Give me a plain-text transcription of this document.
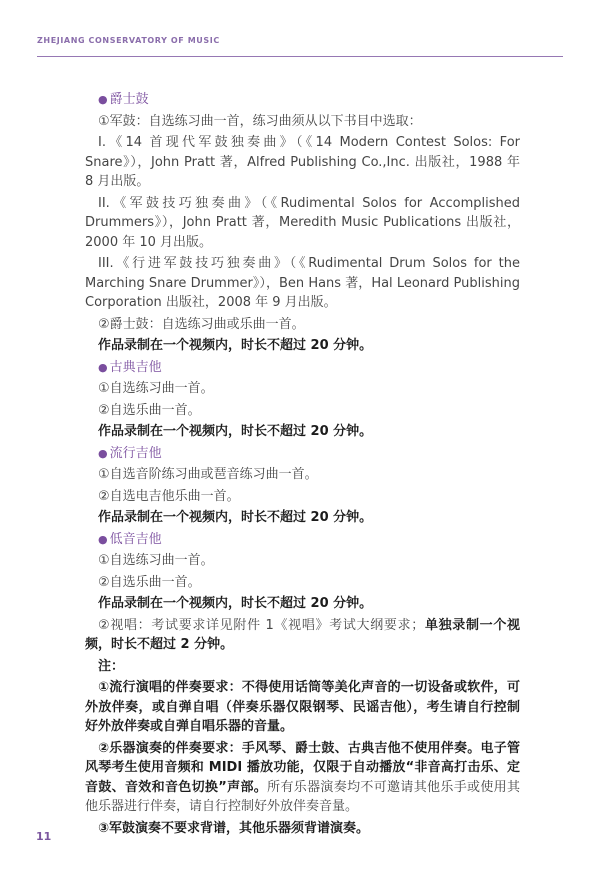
ZHEJIANG CONSERVATORY OF MUSIC

● 爵士鼓

①军鼓：自选练习曲一首，练习曲须从以下书目中选取：

I.《14 首现代军鼓独奏曲》（《14 Modern Contest Solos: For Snare》），John Pratt 著，Alfred Publishing Co.,Inc. 出版社，1988 年 8 月出版。

II.《军鼓技巧独奏曲》（《Rudimental Solos for Accomplished Drummers》），John Pratt 著，Meredith Music Publications 出版社，2000 年 10 月出版。

III.《行进军鼓技巧独奏曲》（《Rudimental Drum Solos for the Marching Snare Drummer》），Ben Hans 著，Hal Leonard Publishing Corporation 出版社，2008 年 9 月出版。

②爵士鼓：自选练习曲或乐曲一首。

作品录制在一个视频内，时长不超过 20 分钟。

● 古典吉他

①自选练习曲一首。

②自选乐曲一首。

作品录制在一个视频内，时长不超过 20 分钟。

● 流行吉他

①自选音阶练习曲或琶音练习曲一首。

②自选电吉他乐曲一首。

作品录制在一个视频内，时长不超过 20 分钟。

● 低音吉他

①自选练习曲一首。

②自选乐曲一首。

作品录制在一个视频内，时长不超过 20 分钟。

②视唱：考试要求详见附件 1《视唱》考试大纲要求；单独录制一个视频，时长不超过 2 分钟。

注：

①流行演唱的伴奏要求：不得使用话筒等美化声音的一切设备或软件，可外放伴奏，或自弹自唱（伴奏乐器仅限钢琴、民谣吉他），考生请自行控制好外放伴奏或自弹自唱乐器的音量。

②乐器演奏的伴奏要求：手风琴、爵士鼓、古典吉他不使用伴奏。电子管风琴考生使用音频和 MIDI 播放功能，仅限于自动播放“非音高打击乐、定音鼓、音效和音色切换”声部。所有乐器演奏均不可邀请其他乐手或使用其他乐器进行伴奏，请自行控制好外放伴奏音量。

③军鼓演奏不要求背谱，其他乐器须背谱演奏。

11
